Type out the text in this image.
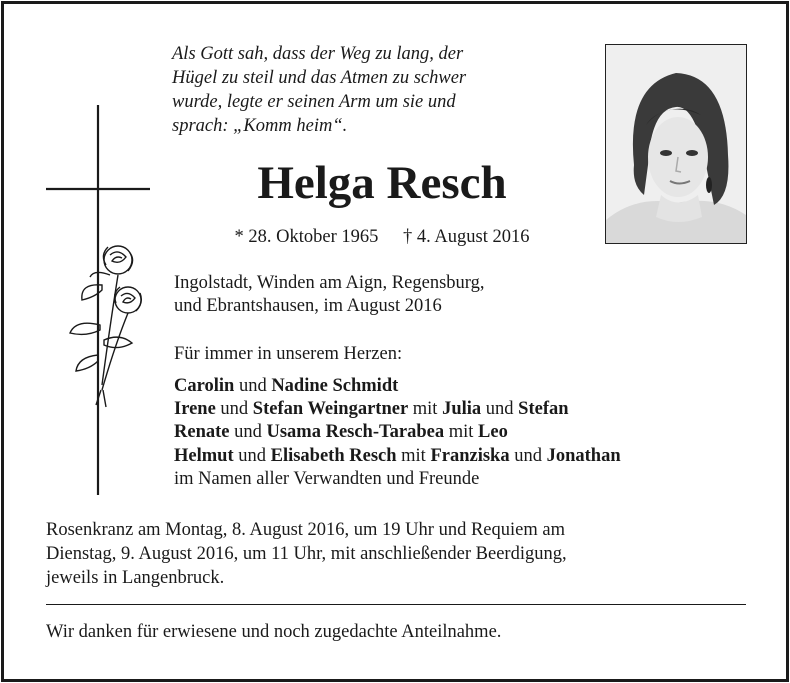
Als Gott sah, dass der Weg zu lang, der
Hügel zu steil und das Atmen zu schwer
wurde, legte er seinen Arm um sie und
sprach: „Komm heim“.
Helga Resch
* 28. Oktober 1965 † 4. August 2016
Ingolstadt, Winden am Aign, Regensburg,
und Ebrantshausen, im August 2016
Für immer in unserem Herzen:
Carolin und Nadine Schmidt
Irene und Stefan Weingartner mit Julia und Stefan
Renate und Usama Resch-Tarabea mit Leo
Helmut und Elisabeth Resch mit Franziska und Jonathan
im Namen aller Verwandten und Freunde
Rosenkranz am Montag, 8. August 2016, um 19 Uhr und Requiem am
Dienstag, 9. August 2016, um 11 Uhr, mit anschließender Beerdigung,
jeweils in Langenbruck.
Wir danken für erwiesene und noch zugedachte Anteilnahme.
